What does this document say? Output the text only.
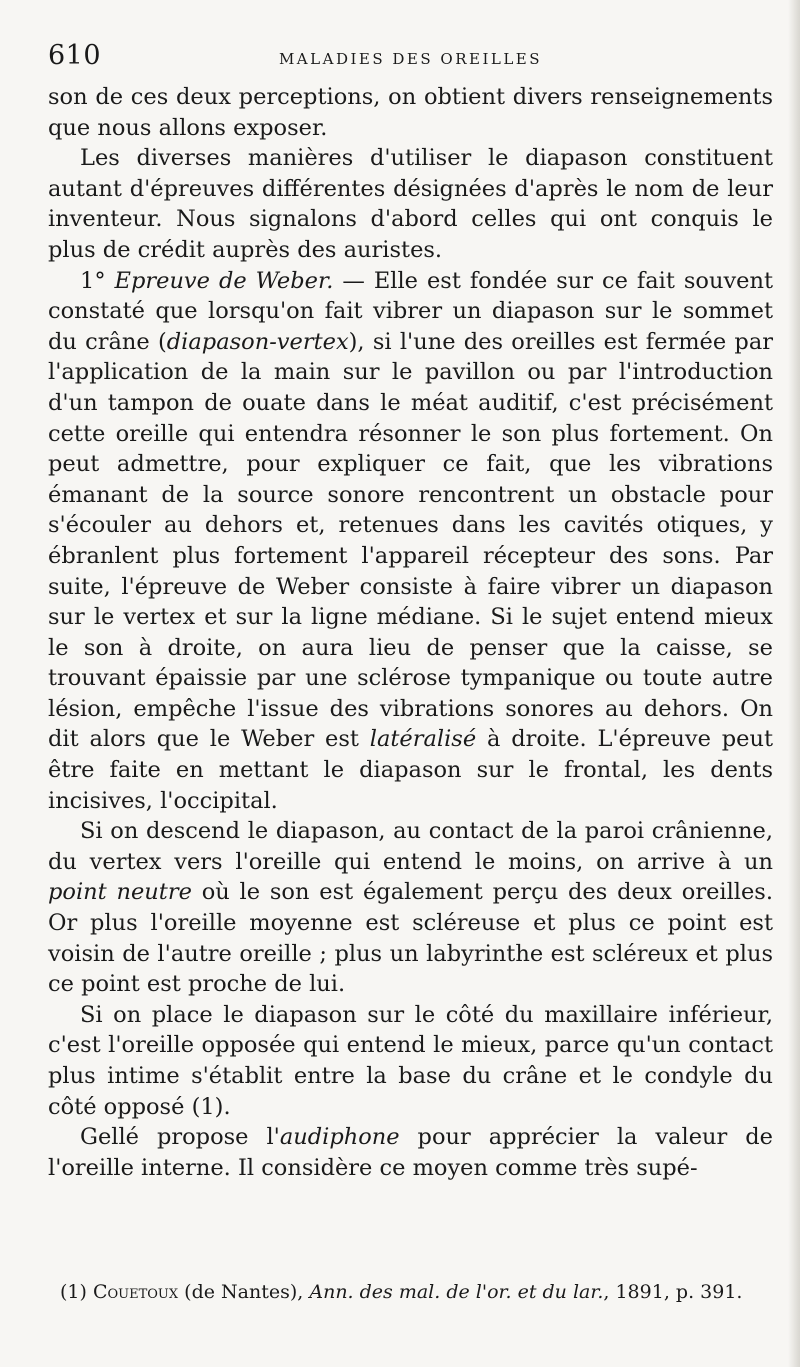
610	MALADIES DES OREILLES

son de ces deux perceptions, on obtient divers renseignements que nous allons exposer.

Les diverses manières d'utiliser le diapason constituent autant d'épreuves différentes désignées d'après le nom de leur inventeur. Nous signalons d'abord celles qui ont conquis le plus de crédit auprès des auristes.

1° Epreuve de Weber. — Elle est fondée sur ce fait souvent constaté que lorsqu'on fait vibrer un diapason sur le sommet du crâne (diapason-vertex), si l'une des oreilles est fermée par l'application de la main sur le pavillon ou par l'introduction d'un tampon de ouate dans le méat auditif, c'est précisément cette oreille qui entendra résonner le son plus fortement. On peut admettre, pour expliquer ce fait, que les vibrations émanant de la source sonore rencontrent un obstacle pour s'écouler au dehors et, retenues dans les cavités otiques, y ébranlent plus fortement l'appareil récepteur des sons. Par suite, l'épreuve de Weber consiste à faire vibrer un diapason sur le vertex et sur la ligne médiane. Si le sujet entend mieux le son à droite, on aura lieu de penser que la caisse, se trouvant épaissie par une sclérose tympanique ou toute autre lésion, empêche l'issue des vibrations sonores au dehors. On dit alors que le Weber est latéralisé à droite. L'épreuve peut être faite en mettant le diapason sur le frontal, les dents incisives, l'occipital.

Si on descend le diapason, au contact de la paroi crânienne, du vertex vers l'oreille qui entend le moins, on arrive à un point neutre où le son est également perçu des deux oreilles. Or plus l'oreille moyenne est scléreuse et plus ce point est voisin de l'autre oreille ; plus un labyrinthe est scléreux et plus ce point est proche de lui.

Si on place le diapason sur le côté du maxillaire inférieur, c'est l'oreille opposée qui entend le mieux, parce qu'un contact plus intime s'établit entre la base du crâne et le condyle du côté opposé (1).

Gellé propose l'audiphone pour apprécier la valeur de l'oreille interne. Il considère ce moyen comme très supé-

(1) Couetoux (de Nantes), Ann. des mal. de l'or. et du lar., 1891, p. 391.
